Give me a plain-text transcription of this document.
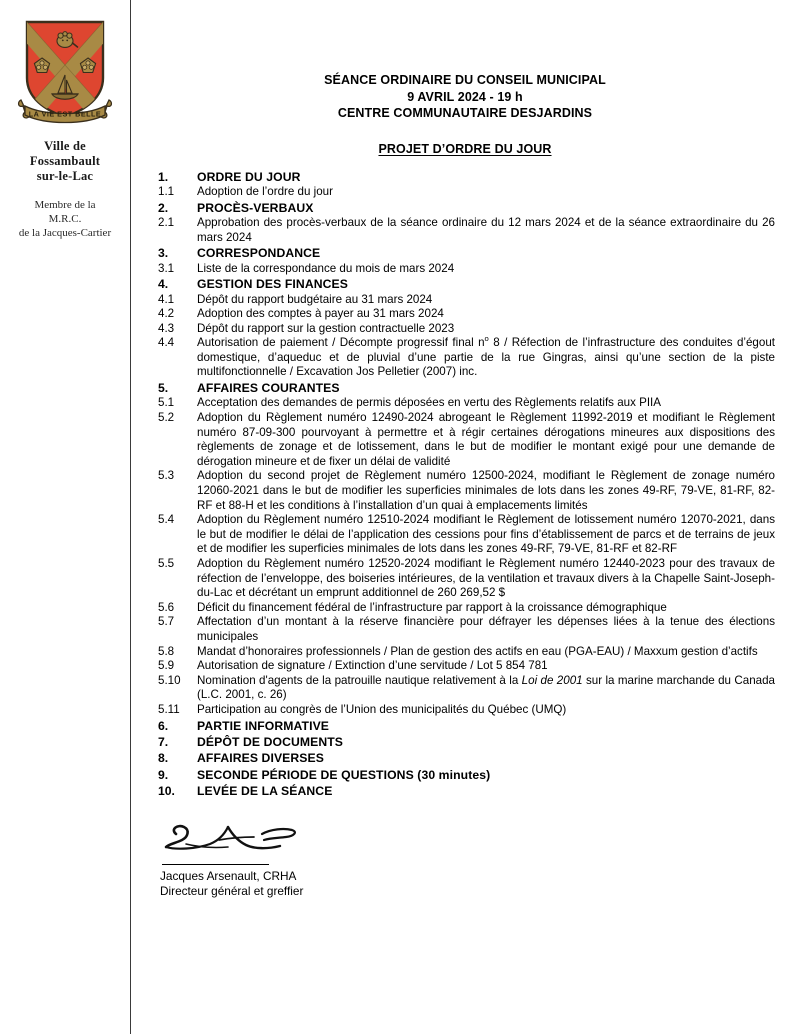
LA VIE EST BELLE
Ville de
Fossambault
sur-le-Lac
Membre de la
M.R.C.
de la Jacques-Cartier
SÉANCE ORDINAIRE DU CONSEIL MUNICIPAL
9 AVRIL 2024 - 19 h
CENTRE COMMUNAUTAIRE DESJARDINS
PROJET D’ORDRE DU JOUR
1.	ORDRE DU JOUR
1.1	Adoption de l’ordre du jour
2.	PROCÈS-VERBAUX
2.1	Approbation des procès-verbaux de la séance ordinaire du 12 mars 2024 et de la séance extraordinaire du 26 mars 2024
3.	CORRESPONDANCE
3.1	Liste de la correspondance du mois de mars 2024
4.	GESTION DES FINANCES
4.1	Dépôt du rapport budgétaire au 31 mars 2024
4.2	Adoption des comptes à payer au 31 mars 2024
4.3	Dépôt du rapport sur la gestion contractuelle 2023
4.4	Autorisation de paiement / Décompte progressif final $n^o$ 8 / Réfection de l’infrastructure des conduites d’égout domestique, d’aqueduc et de pluvial d’une partie de la rue Gingras, ainsi qu’une section de la piste multifonctionnelle / Excavation Jos Pelletier (2007) inc.
5.	AFFAIRES COURANTES
5.1	Acceptation des demandes de permis déposées en vertu des Règlements relatifs aux PIIA
5.2	Adoption du Règlement numéro 12490-2024 abrogeant le Règlement 11992-2019 et modifiant le Règlement numéro 87-09-300 pourvoyant à permettre et à régir certaines dérogations mineures aux dispositions des règlements de zonage et de lotissement, dans le but de modifier le montant exigé pour une demande de dérogation mineure et de fixer un délai de validité
5.3	Adoption du second projet de Règlement numéro 12500-2024, modifiant le Règlement de zonage numéro 12060-2021 dans le but de modifier les superficies minimales de lots dans les zones 49-RF, 79-VE, 81-RF, 82-RF et 88-H et les conditions à l’installation d’un quai à emplacements limités
5.4	Adoption du Règlement numéro 12510-2024 modifiant le Règlement de lotissement numéro 12070-2021, dans le but de modifier le délai de l’application des cessions pour fins d’établissement de parcs et de terrains de jeux et de modifier les superficies minimales de lots dans les zones 49-RF, 79-VE, 81-RF et 82-RF
5.5	Adoption du Règlement numéro 12520-2024 modifiant le Règlement numéro 12440-2023 pour des travaux de réfection de l’enveloppe, des boiseries intérieures, de la ventilation et travaux divers à la Chapelle Saint-Joseph-du-Lac et décrétant un emprunt additionnel de 260 269,52 $
5.6	Déficit du financement fédéral de l’infrastructure par rapport à la croissance démographique
5.7	Affectation d’un montant à la réserve financière pour défrayer les dépenses liées à la tenue des élections municipales
5.8	Mandat d’honoraires professionnels / Plan de gestion des actifs en eau (PGA-EAU) / Maxxum gestion d’actifs
5.9	Autorisation de signature / Extinction d’une servitude / Lot 5 854 781
5.10	Nomination d'agents de la patrouille nautique relativement à la Loi de 2001 sur la marine marchande du Canada (L.C. 2001, c. 26)
5.11	Participation au congrès de l’Union des municipalités du Québec (UMQ)
6.	PARTIE INFORMATIVE
7.	DÉPÔT DE DOCUMENTS
8.	AFFAIRES DIVERSES
9.	SECONDE PÉRIODE DE QUESTIONS (30 minutes)
10.	LEVÉE DE LA SÉANCE
Jacques Arsenault, CRHA
Directeur général et greffier
